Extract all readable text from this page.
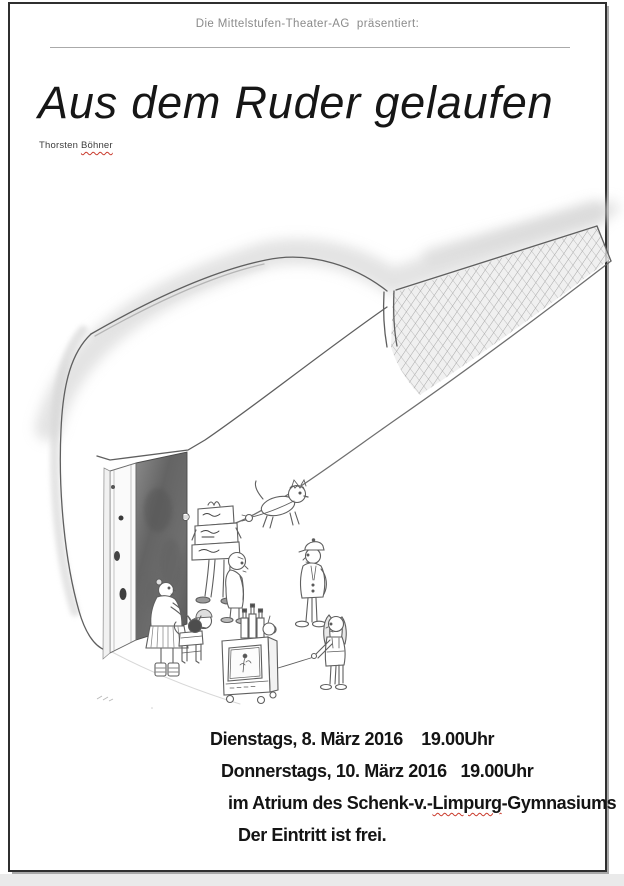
Die Mittelstufen-Theater-AG  präsentiert:
Aus dem Ruder gelaufen
Thorsten Böhner
Dienstags, 8. März 2016    19.00Uhr
Donnerstags, 10. März 2016   19.00Uhr
im Atrium des Schenk-v.-Limpurg-Gymnasiums
Der Eintritt ist frei.
